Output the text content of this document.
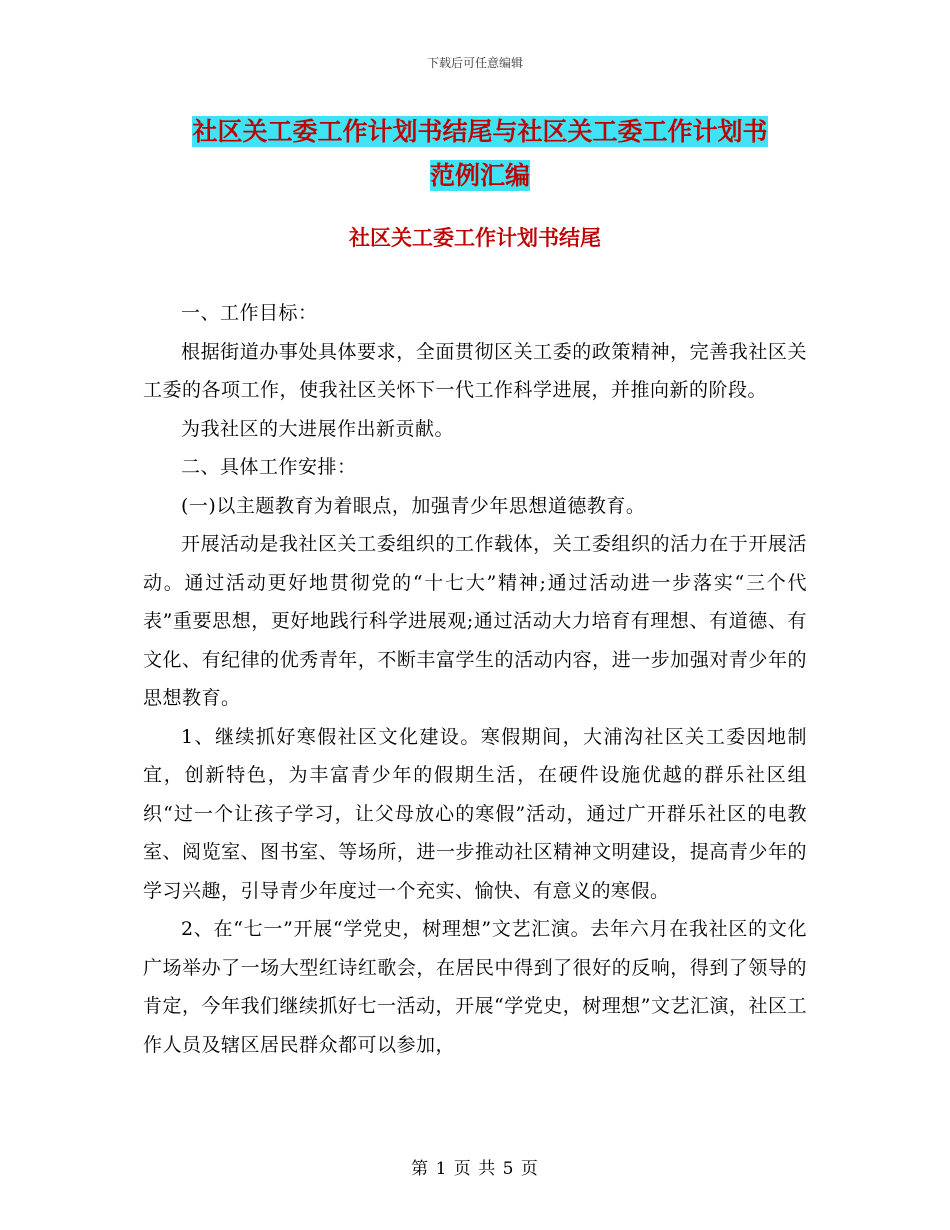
下载后可任意编辑
社区关工委工作计划书结尾与社区关工委工作计划书
范例汇编
社区关工委工作计划书结尾

一、工作目标：

根据街道办事处具体要求，全面贯彻区关工委的政策精神，完善我社区关工委的各项工作，使我社区关怀下一代工作科学进展，并推向新的阶段。

为我社区的大进展作出新贡献。

二、具体工作安排：

(一)以主题教育为着眼点，加强青少年思想道德教育。

开展活动是我社区关工委组织的工作载体，关工委组织的活力在于开展活动。通过活动更好地贯彻党的“十七大”精神;通过活动进一步落实“三个代表”重要思想，更好地践行科学进展观;通过活动大力培育有理想、有道德、有文化、有纪律的优秀青年，不断丰富学生的活动内容，进一步加强对青少年的思想教育。

1、继续抓好寒假社区文化建设。寒假期间，大浦沟社区关工委因地制宜，创新特色，为丰富青少年的假期生活，在硬件设施优越的群乐社区组织“过一个让孩子学习，让父母放心的寒假”活动，通过广开群乐社区的电教室、阅览室、图书室、等场所，进一步推动社区精神文明建设，提高青少年的学习兴趣，引导青少年度过一个充实、愉快、有意义的寒假。

2、在“七一”开展“学党史，树理想”文艺汇演。去年六月在我社区的文化广场举办了一场大型红诗红歌会，在居民中得到了很好的反响，得到了领导的肯定，今年我们继续抓好七一活动，开展“学党史，树理想”文艺汇演，社区工作人员及辖区居民群众都可以参加，

第 1 页 共 5 页
